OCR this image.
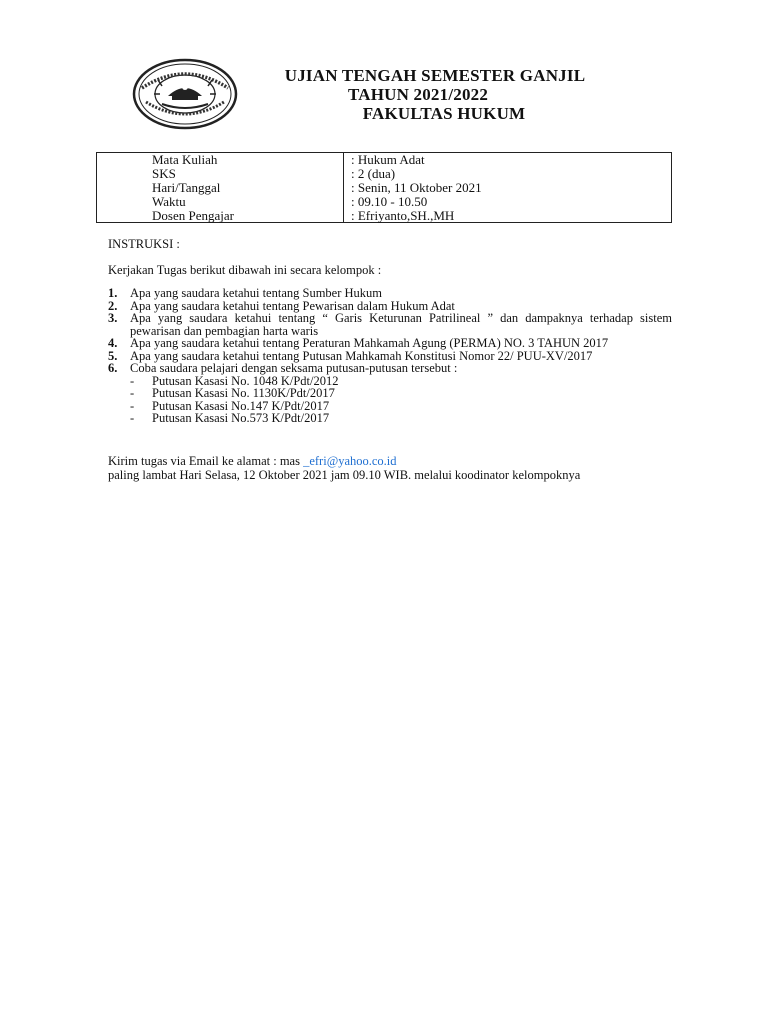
UJIAN TENGAH SEMESTER GANJIL
TAHUN 2021/2022
FAKULTAS HUKUM
Mata Kuliah	: Hukum Adat
SKS	: 2 (dua)
Hari/Tanggal	: Senin, 11 Oktober 2021
Waktu	: 09.10 - 10.50
Dosen Pengajar	: Efriyanto,SH.,MH
INSTRUKSI :
Kerjakan Tugas berikut dibawah ini secara kelompok :
1. Apa yang saudara ketahui tentang Sumber Hukum
2. Apa yang saudara ketahui tentang Pewarisan dalam Hukum Adat
3. Apa yang saudara ketahui tentang “ Garis Keturunan Patrilineal ” dan dampaknya terhadap sistem pewarisan dan pembagian harta waris
4. Apa yang saudara ketahui tentang Peraturan Mahkamah Agung (PERMA) NO. 3 TAHUN 2017
5. Apa yang saudara ketahui tentang Putusan Mahkamah Konstitusi Nomor 22/ PUU-XV/2017
6. Coba saudara pelajari dengan seksama putusan-putusan tersebut :
- Putusan Kasasi No. 1048 K/Pdt/2012
- Putusan Kasasi No. 1130K/Pdt/2017
- Putusan Kasasi No.147 K/Pdt/2017
- Putusan Kasasi No.573 K/Pdt/2017
Kirim tugas via Email ke alamat : mas _efri@yahoo.co.id
paling lambat Hari Selasa, 12 Oktober 2021 jam 09.10 WIB. melalui koodinator kelompoknya
